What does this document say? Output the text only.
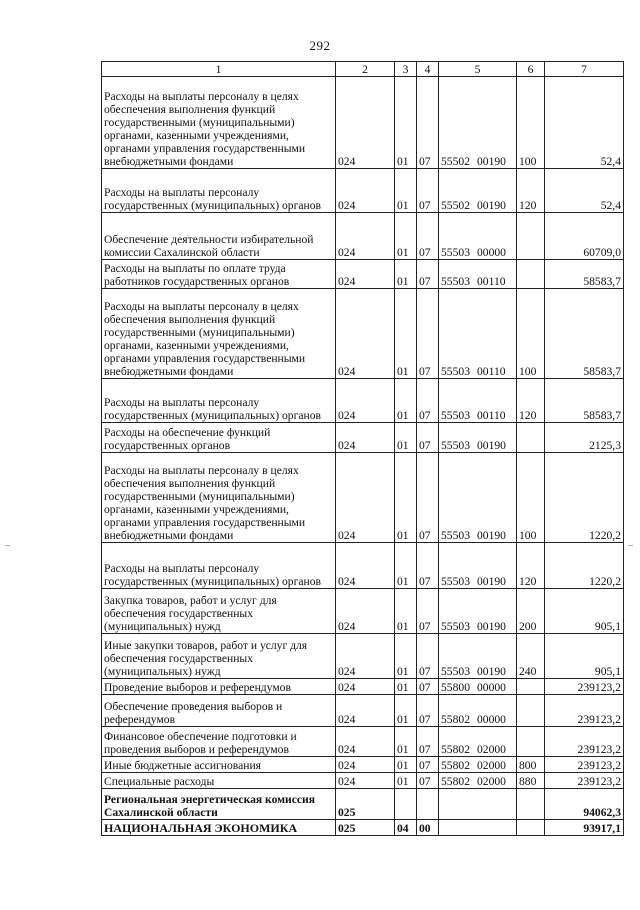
292
–	–
1	2	3	4	5	6	7
Расходы на выплаты персоналу в целях обеспечения выполнения функций государственными (муниципальными) органами, казенными учреждениями, органами управления государственными внебюджетными фондами	024	01	07	55502 00190	100	52,4
Расходы на выплаты персоналу государственных (муниципальных) органов	024	01	07	55502 00190	120	52,4
Обеспечение деятельности избирательной комиссии Сахалинской области	024	01	07	55503 00000		60709,0
Расходы на выплаты по оплате труда работников государственных органов	024	01	07	55503 00110		58583,7
Расходы на выплаты персоналу в целях обеспечения выполнения функций государственными (муниципальными) органами, казенными учреждениями, органами управления государственными внебюджетными фондами	024	01	07	55503 00110	100	58583,7
Расходы на выплаты персоналу государственных (муниципальных) органов	024	01	07	55503 00110	120	58583,7
Расходы на обеспечение функций государственных органов	024	01	07	55503 00190		2125,3
Расходы на выплаты персоналу в целях обеспечения выполнения функций государственными (муниципальными) органами, казенными учреждениями, органами управления государственными внебюджетными фондами	024	01	07	55503 00190	100	1220,2
Расходы на выплаты персоналу государственных (муниципальных) органов	024	01	07	55503 00190	120	1220,2
Закупка товаров, работ и услуг для обеспечения государственных (муниципальных) нужд	024	01	07	55503 00190	200	905,1
Иные закупки товаров, работ и услуг для обеспечения государственных (муниципальных) нужд	024	01	07	55503 00190	240	905,1
Проведение выборов и референдумов	024	01	07	55800 00000		239123,2
Обеспечение проведения выборов и референдумов	024	01	07	55802 00000		239123,2
Финансовое обеспечение подготовки и проведения выборов и референдумов	024	01	07	55802 02000		239123,2
Иные бюджетные ассигнования	024	01	07	55802 02000	800	239123,2
Специальные расходы	024	01	07	55802 02000	880	239123,2
Региональная энергетическая комиссия Сахалинской области	025					94062,3
НАЦИОНАЛЬНАЯ ЭКОНОМИКА	025	04	00			93917,1
